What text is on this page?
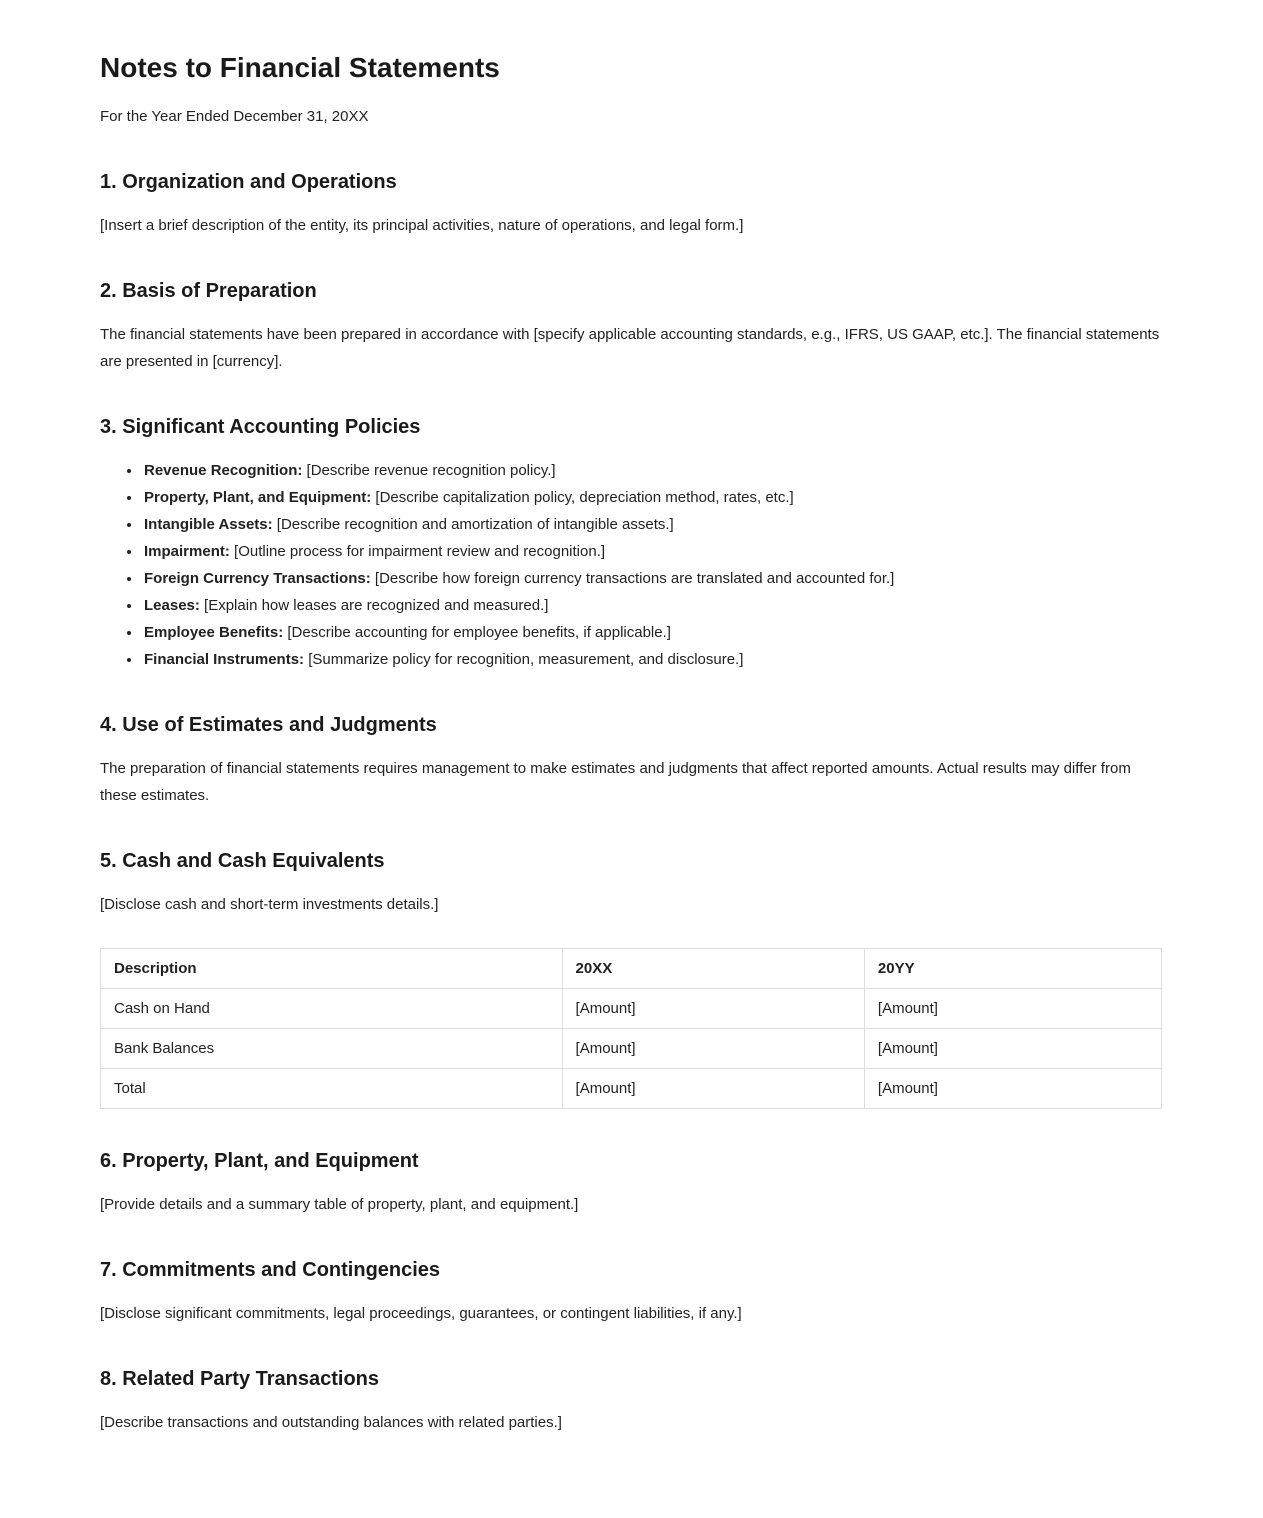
Notes to Financial Statements

For the Year Ended December 31, 20XX

1. Organization and Operations

[Insert a brief description of the entity, its principal activities, nature of operations, and legal form.]

2. Basis of Preparation

The financial statements have been prepared in accordance with [specify applicable accounting standards, e.g., IFRS, US GAAP, etc.]. The financial statements are presented in [currency].

3. Significant Accounting Policies
• Revenue Recognition: [Describe revenue recognition policy.]
• Property, Plant, and Equipment: [Describe capitalization policy, depreciation method, rates, etc.]
• Intangible Assets: [Describe recognition and amortization of intangible assets.]
• Impairment: [Outline process for impairment review and recognition.]
• Foreign Currency Transactions: [Describe how foreign currency transactions are translated and accounted for.]
• Leases: [Explain how leases are recognized and measured.]
• Employee Benefits: [Describe accounting for employee benefits, if applicable.]
• Financial Instruments: [Summarize policy for recognition, measurement, and disclosure.]
4. Use of Estimates and Judgments

The preparation of financial statements requires management to make estimates and judgments that affect reported amounts. Actual results may differ from these estimates.

5. Cash and Cash Equivalents

[Disclose cash and short-term investments details.]

Description	20XX	20YY
Cash on Hand	[Amount]	[Amount]
Bank Balances	[Amount]	[Amount]
Total	[Amount]	[Amount]
6. Property, Plant, and Equipment

[Provide details and a summary table of property, plant, and equipment.]

7. Commitments and Contingencies

[Disclose significant commitments, legal proceedings, guarantees, or contingent liabilities, if any.]

8. Related Party Transactions

[Describe transactions and outstanding balances with related parties.]
